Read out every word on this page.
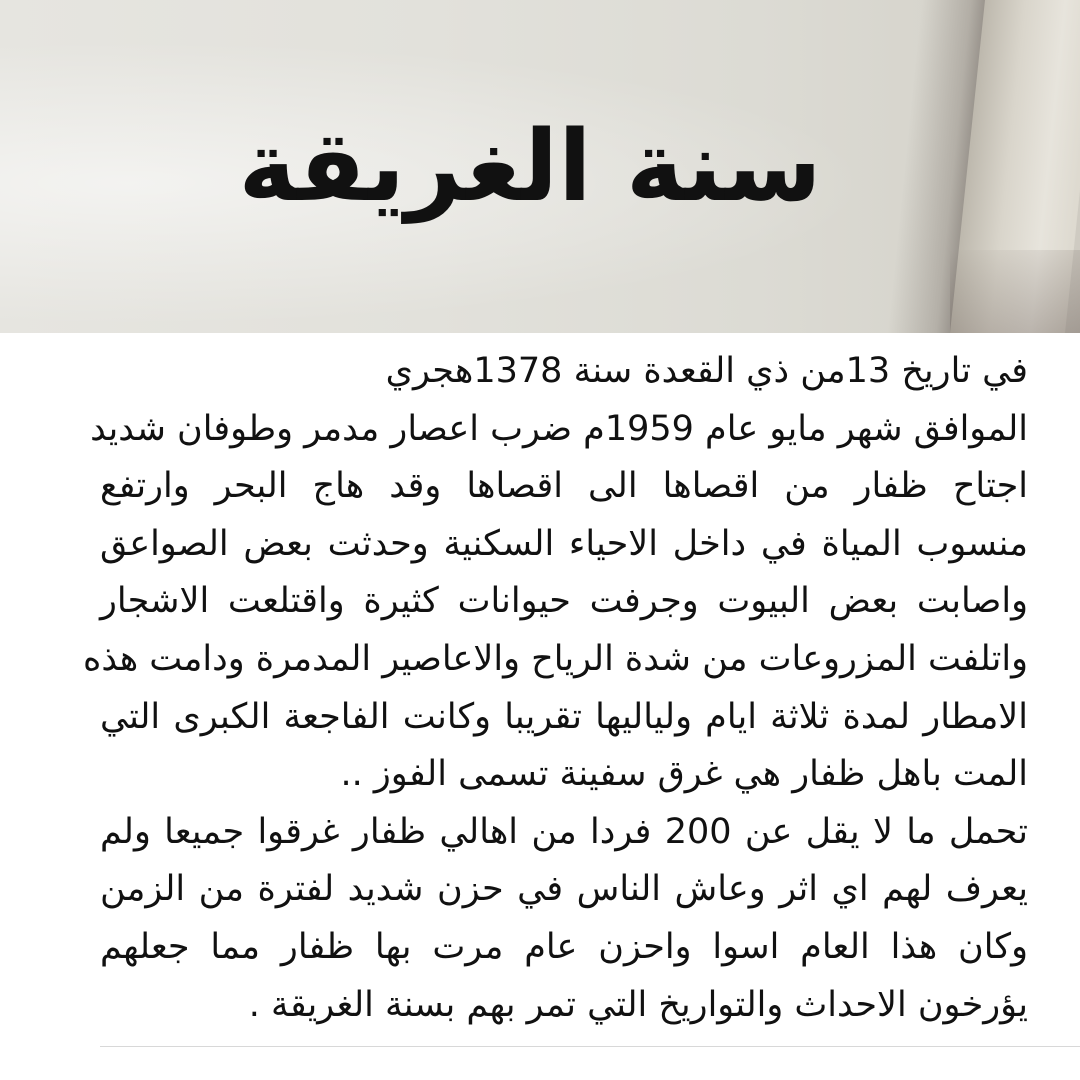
سنة الغريقة
في تاريخ 13من ذي القعدة سنة 1378هجري
الموافق شهر مايو عام 1959م ضرب اعصار مدمر وطوفان شديد
اجتاح ظفار من اقصاها الى اقصاها وقد هاج البحر وارتفع
منسوب المياة في داخل الاحياء السكنية وحدثت بعض الصواعق
واصابت بعض البيوت وجرفت حيوانات كثيرة واقتلعت الاشجار
واتلفت المزروعات من شدة الرياح والاعاصير المدمرة ودامت هذه
الامطار لمدة ثلاثة ايام ولياليها تقريبا وكانت الفاجعة الكبرى التي
المت باهل ظفار هي غرق سفينة تسمى الفوز ..
تحمل ما لا يقل عن 200 فردا من اهالي ظفار غرقوا جميعا ولم
يعرف لهم اي اثر وعاش الناس في حزن شديد لفترة من الزمن
وكان هذا العام اسوا واحزن عام مرت بها ظفار مما جعلهم
يؤرخون الاحداث والتواريخ التي تمر بهم بسنة الغريقة .
